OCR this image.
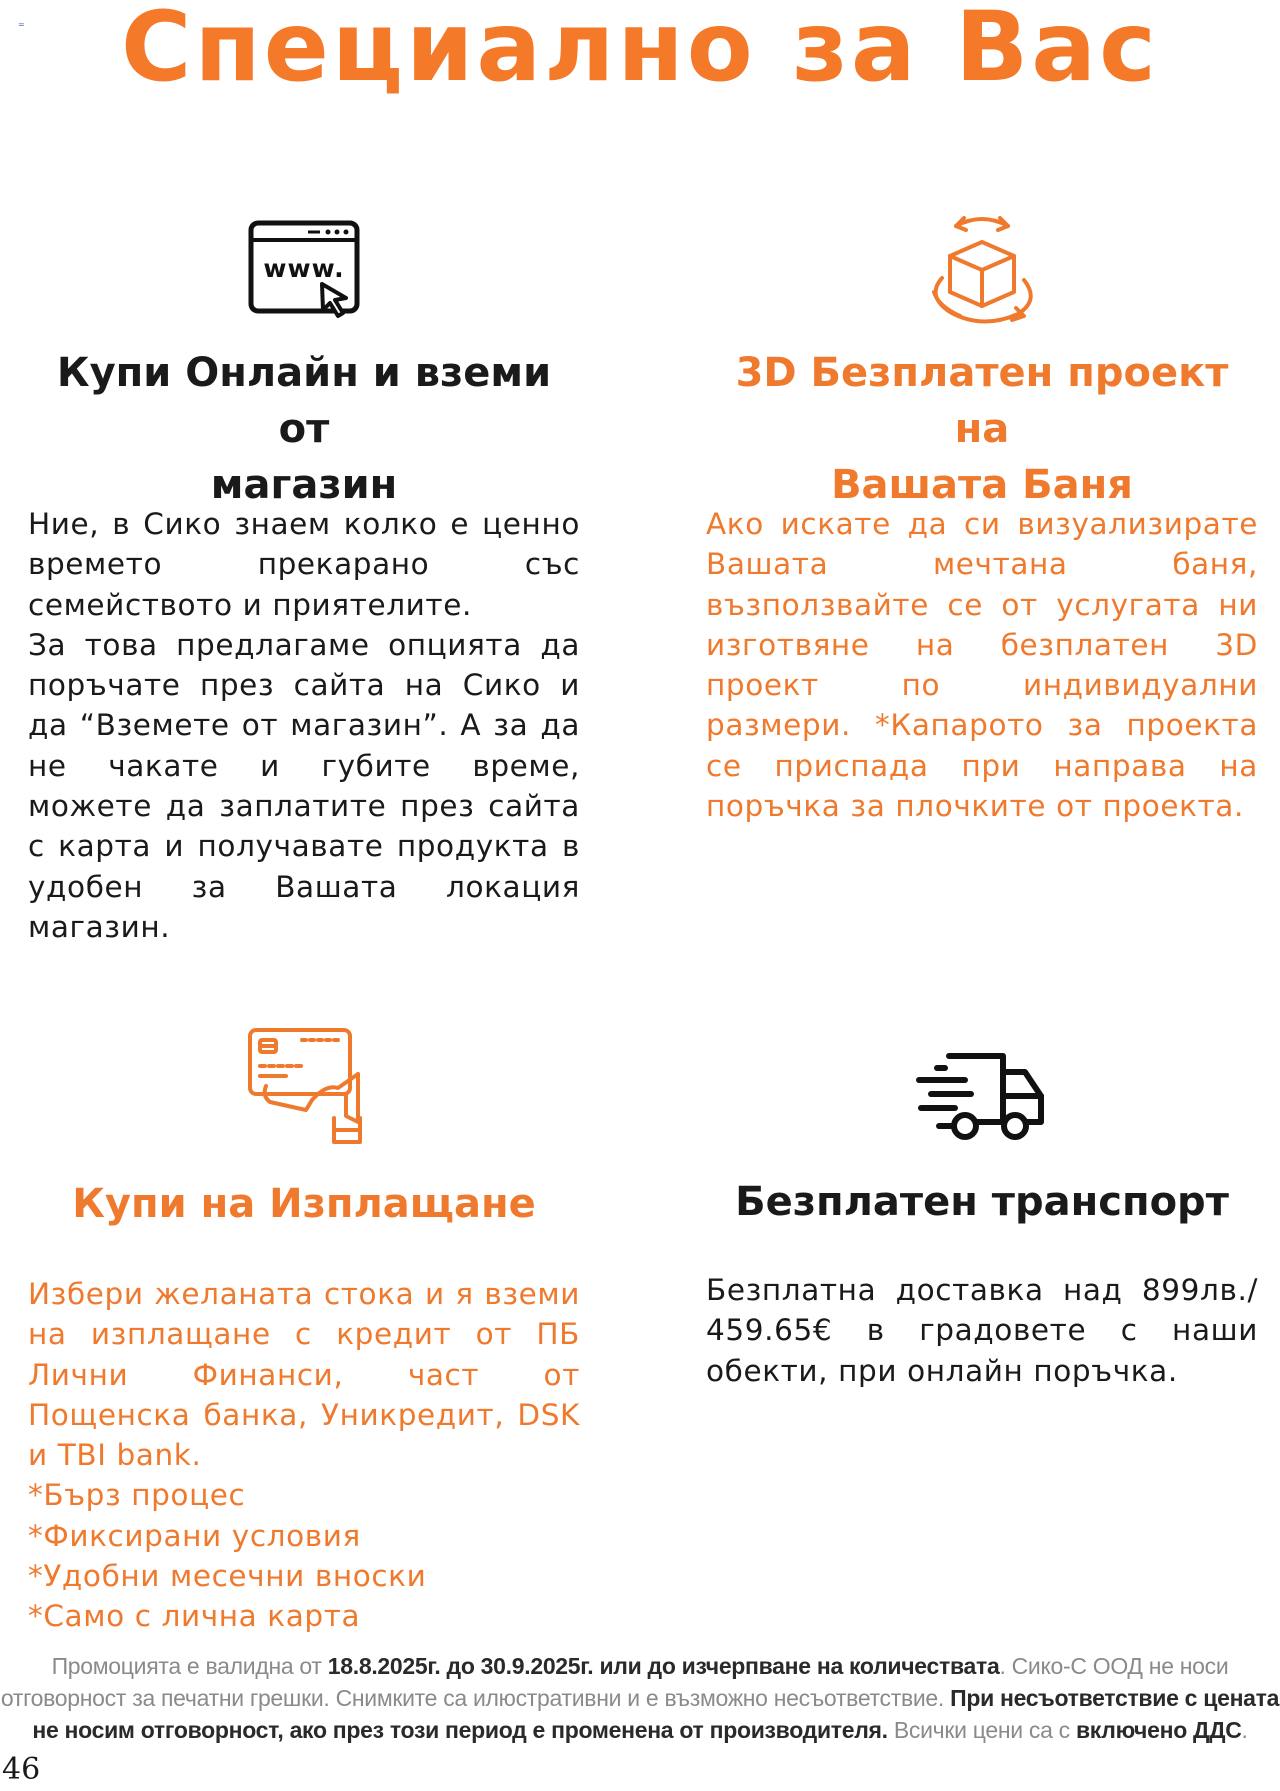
=	Специално за Вас
www.
Купи Онлайн и вземи от
магазин

Ние, в Сико знаем колко е ценно времето прекарано със семейството и приятелите.

За това предлагаме опцията да поръчате през сайта на Сико и да “Вземете от магазин”. А за да не чакате и губите време, можете да заплатите през сайта с карта и получавате продукта в удобен за Вашата локация магазин.

3D Безплатен проект на
Вашата Баня

Ако искате да си визуализирате Вашата мечтана баня, възползвайте се от услугата ни изготвяне на безплатен 3D проект по индивидуални размери. *Капарото за проекта се приспада при направа на поръчка за плочките от проекта.

Купи на Изплащане

Избери желаната стока и я вземи на изплащане с кредит от ПБ Лични Финанси, част от Пощенска банка, Уникредит, DSK и TBI bank.

*Бърз процес
*Фиксирани условия
*Удобни месечни вноски
*Само с лична карта
Безплатен транспорт

Безплатна доставка над 899лв./ 459.65€ в градовете с наши обекти, при онлайн поръчка.

Промоцията е валидна от 18.8.2025г. до 30.9.2025г. или до изчерпване на количествата. Сико-С ООД не носи отговорност за печатни грешки. Снимките са илюстративни и е възможно несъответствие. При несъответствие с цената не носим отговорност, ако през този период е променена от производителя. Всички цени са с включено ДДС.
46
